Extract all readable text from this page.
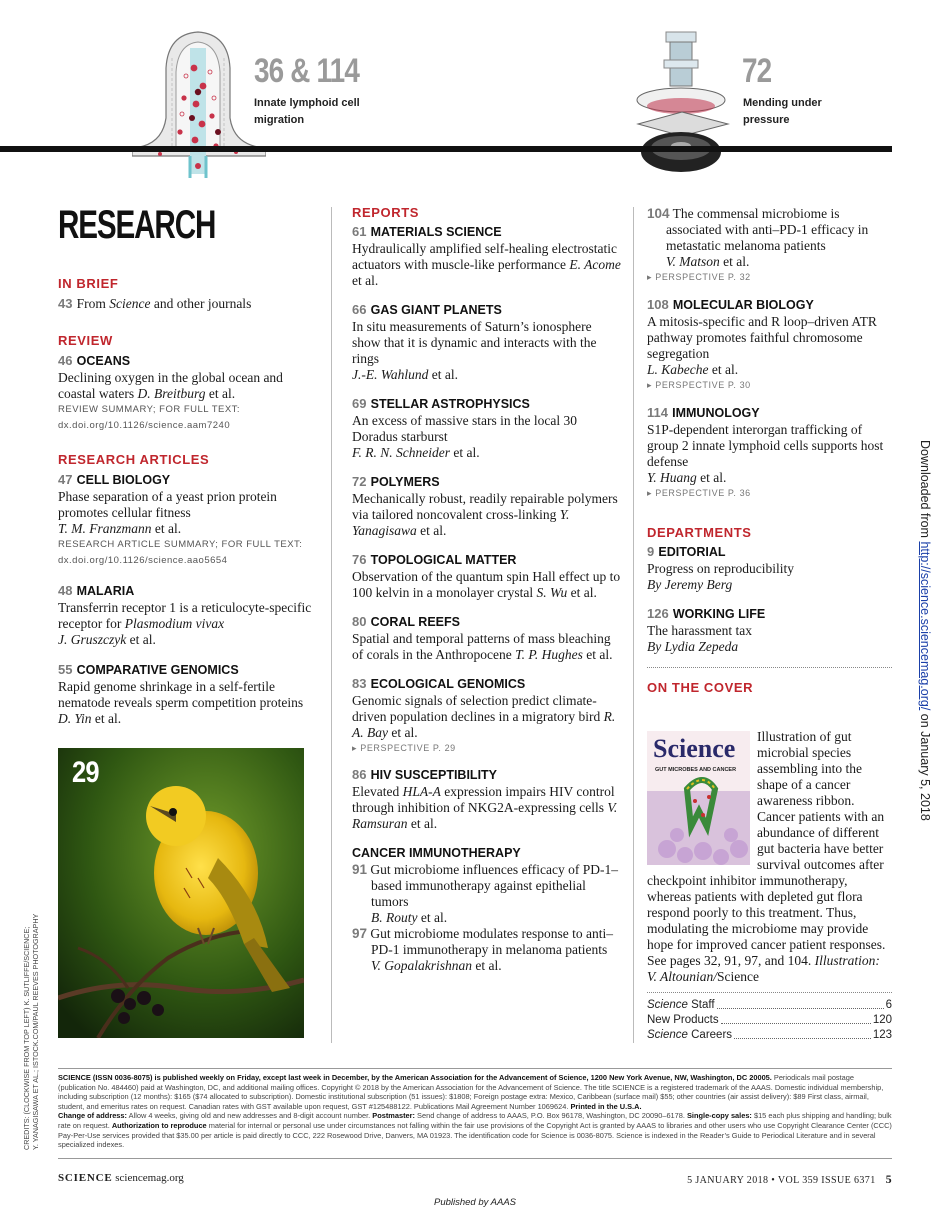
36 & 114
Innate lymphoid cell migration
72
Mending under pressure
RESEARCH
IN BRIEF
43 From Science and other journals
REVIEW
46 OCEANS
Declining oxygen in the global ocean and coastal waters D. Breitburg et al.
REVIEW SUMMARY; FOR FULL TEXT:
dx.doi.org/10.1126/science.aam7240
RESEARCH ARTICLES
47 CELL BIOLOGY
Phase separation of a yeast prion protein promotes cellular fitness
T. M. Franzmann et al.
RESEARCH ARTICLE SUMMARY; FOR FULL TEXT:
dx.doi.org/10.1126/science.aao5654
48 MALARIA
Transferrin receptor 1 is a reticulocyte-specific receptor for Plasmodium vivax
J. Gruszczyk et al.
55 COMPARATIVE GENOMICS
Rapid genome shrinkage in a self-fertile nematode reveals sperm competition proteins D. Yin et al.
29
REPORTS
61 MATERIALS SCIENCE
Hydraulically amplified self-healing electrostatic actuators with muscle-like performance E. Acome et al.
66 GAS GIANT PLANETS
In situ measurements of Saturn’s ionosphere show that it is dynamic and interacts with the rings
J.-E. Wahlund et al.
69 STELLAR ASTROPHYSICS
An excess of massive stars in the local 30 Doradus starburst
F. R. N. Schneider et al.
72 POLYMERS
Mechanically robust, readily repairable polymers via tailored noncovalent cross-linking Y. Yanagisawa et al.
76 TOPOLOGICAL MATTER
Observation of the quantum spin Hall effect up to 100 kelvin in a monolayer crystal S. Wu et al.
80 CORAL REEFS
Spatial and temporal patterns of mass bleaching of corals in the Anthropocene T. P. Hughes et al.
83 ECOLOGICAL GENOMICS
Genomic signals of selection predict climate-driven population declines in a migratory bird R. A. Bay et al.
▸ PERSPECTIVE P. 29
86 HIV SUSCEPTIBILITY
Elevated HLA-A expression impairs HIV control through inhibition of NKG2A-expressing cells V. Ramsuran et al.
CANCER IMMUNOTHERAPY
91 Gut microbiome influences efficacy of PD-1–based immunotherapy against epithelial tumors
B. Routy et al.
97 Gut microbiome modulates response to anti–PD-1 immunotherapy in melanoma patients
V. Gopalakrishnan et al.
104 The commensal microbiome is associated with anti–PD-1 efficacy in metastatic melanoma patients
V. Matson et al.
▸ PERSPECTIVE P. 32
108 MOLECULAR BIOLOGY
A mitosis-specific and R loop–driven ATR pathway promotes faithful chromosome segregation
L. Kabeche et al.
▸ PERSPECTIVE P. 30
114 IMMUNOLOGY
S1P-dependent interorgan trafficking of group 2 innate lymphoid cells supports host defense
Y. Huang et al.
▸ PERSPECTIVE P. 36
DEPARTMENTS
9 EDITORIAL
Progress on reproducibility
By Jeremy Berg
126 WORKING LIFE
The harassment tax
By Lydia Zepeda
ON THE COVER
Science
GUT MICROBES AND CANCER
Illustration of gut microbial species assembling into the shape of a cancer awareness ribbon. Cancer patients with an abundance of different gut bacteria have better survival outcomes after checkpoint inhibitor immunotherapy, whereas patients with depleted gut flora respond poorly to this treatment. Thus, modulating the microbiome may provide hope for improved cancer patient responses. See pages 32, 91, 97, and 104. Illustration: V. Altounian/Science
Science Staff	6
New Products	120
Science Careers	123
Downloaded from http://science.sciencemag.org/ on January 5, 2018
CREDITS: (CLOCKWISE FROM TOP LEFT) K. SUTLIFFE/SCIENCE; Y. YANAGISAWA ET AL.; ISTOCK.COM/PAUL REEVES PHOTOGRAPHY SCIENCE (ISSN 0036-8075) is published weekly on Friday, except last week in December, by the American Association for the Advancement of Science, 1200 New York Avenue, NW, Washington, DC 20005. Periodicals mail postage (publication No. 484460) paid at Washington, DC, and additional mailing offices. Copyright © 2018 by the American Association for the Advancement of Science. The title SCIENCE is a registered trademark of the AAAS. Domestic individual membership, including subscription (12 months): $165 ($74 allocated to subscription). Domestic institutional subscription (51 issues): $1808; Foreign postage extra: Mexico, Caribbean (surface mail) $55; other countries (air assist delivery): $89 First class, airmail, student, and emeritus rates on request. Canadian rates with GST available upon request, GST #125488122. Publications Mail Agreement Number 1069624. Printed in the U.S.A.
Change of address: Allow 4 weeks, giving old and new addresses and 8-digit account number. Postmaster: Send change of address to AAAS, P.O. Box 96178, Washington, DC 20090–6178. Single-copy sales: $15 each plus shipping and handling; bulk rate on request. Authorization to reproduce material for internal or personal use under circumstances not falling within the fair use provisions of the Copyright Act is granted by AAAS to libraries and other users who use Copyright Clearance Center (CCC) Pay-Per-Use services provided that $35.00 per article is paid directly to CCC, 222 Rosewood Drive, Danvers, MA 01923. The identification code for Science is 0036-8075. Science is indexed in the Reader’s Guide to Periodical Literature and in several specialized indexes.
SCIENCE sciencemag.org	5 JANUARY 2018 • VOL 359 ISSUE 6371 5
Published by AAAS
